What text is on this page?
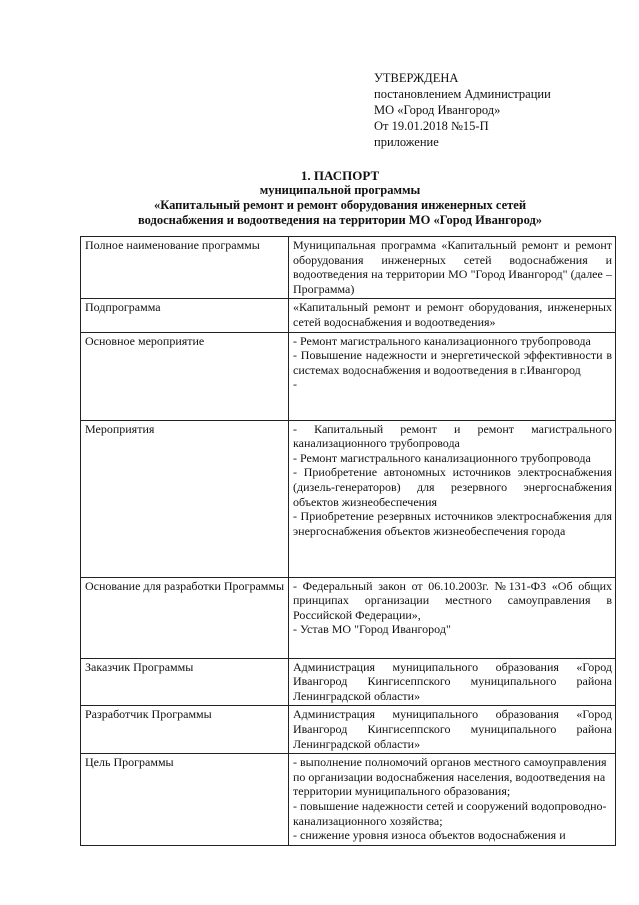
УТВЕРЖДЕНА
постановлением Администрации
МО «Город Ивангород»
От 19.01.2018 №15-П
приложение
1. ПАСПОРТ
муниципальной программы
«Капитальный ремонт и ремонт оборудования инженерных сетей
водоснабжения и водоотведения на территории МО «Город Ивангород»
Полное наименование программы	Муниципальная программа «Капитальный ремонт и ремонт оборудования инженерных сетей водоснабжения и водоотведения на территории МО "Город Ивангород" (далее – Программа)

Подпрограмма	«Капитальный ремонт и ремонт оборудования, инженерных сетей водоснабжения и водоотведения»

Основное мероприятие	- Ремонт магистрального канализационного трубопровода
- Повышение надежности и энергетической эффективности в системах водоснабжения и водоотведения в г.Ивангород
-

Мероприятия	- Капитальный ремонт и ремонт магистрального канализационного трубопровода
- Ремонт магистрального канализационного трубопровода
- Приобретение автономных источников электроснабжения (дизель-генераторов) для резервного энергоснабжения объектов жизнеобеспечения
- Приобретение резервных источников электроснабжения для энергоснабжения объектов жизнеобеспечения города

Основание для разработки Программы	- Федеральный закон от 06.10.2003г. №131-ФЗ «Об общих принципах организации местного самоуправления в Российской Федерации»,
- Устав МО "Город Ивангород"

Заказчик Программы	Администрация муниципального образования «Город Ивангород Кингисеппского муниципального района Ленинградской области»

Разработчик Программы	Администрация муниципального образования «Город Ивангород Кингисеппского муниципального района Ленинградской области»

Цель Программы	- выполнение полномочий органов местного самоуправления по организации водоснабжения населения, водоотведения на территории муниципального образования;
- повышение надежности сетей и сооружений водопроводно-канализационного хозяйства;
- снижение уровня износа объектов водоснабжения и
